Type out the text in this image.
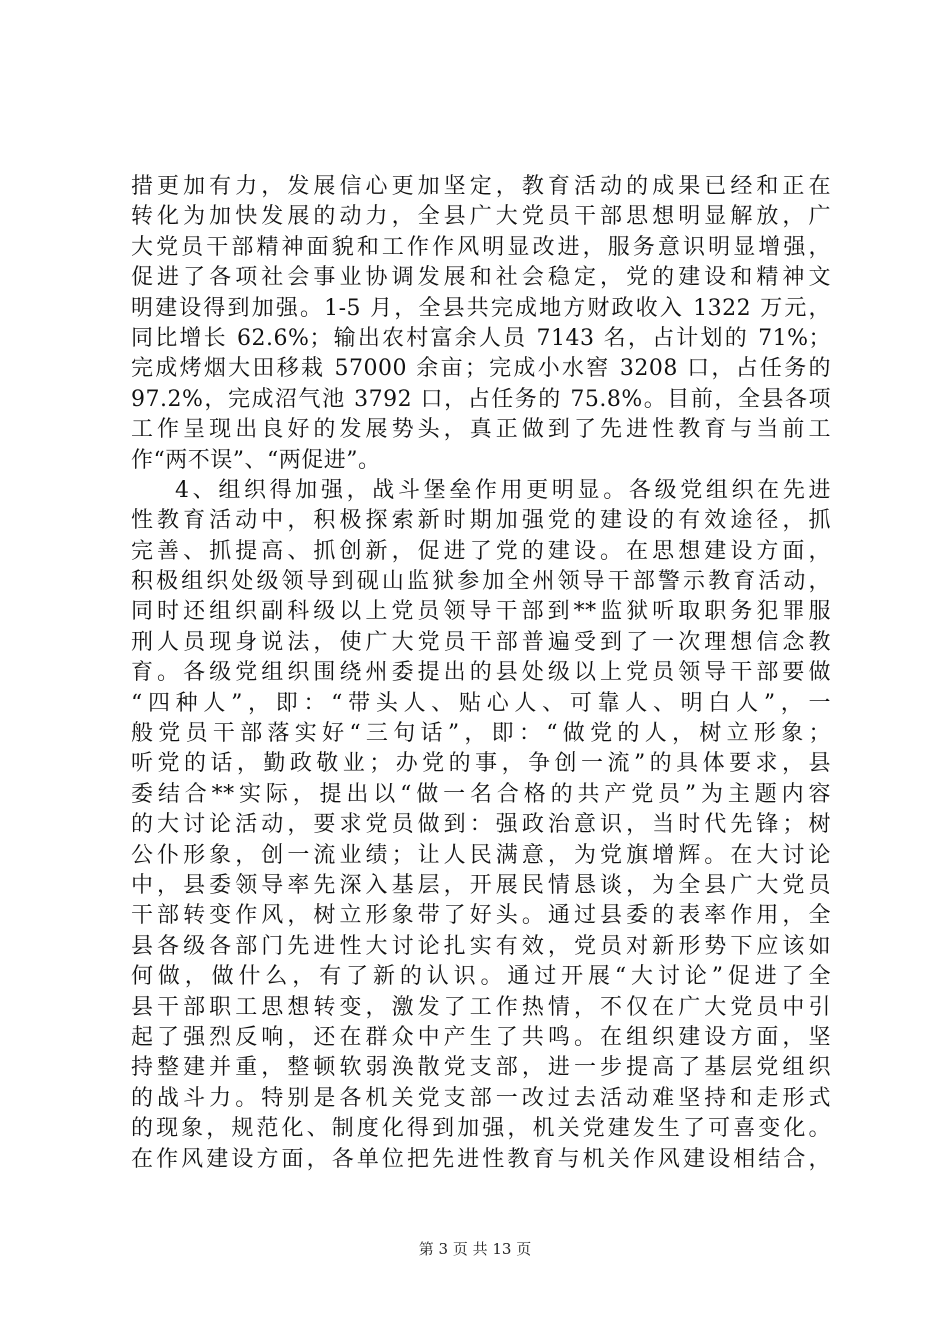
措更加有力，发展信心更加坚定，教育活动的成果已经和正在
转化为加快发展的动力，全县广大党员干部思想明显解放，广
大党员干部精神面貌和工作作风明显改进，服务意识明显增强，
促进了各项社会事业协调发展和社会稳定，党的建设和精神文
明建设得到加强。1-5 月，全县共完成地方财政收入 1322 万元，
同比增长 62.6%；输出农村富余人员 7143 名，占计划的 71%；
完成烤烟大田移栽 57000 余亩；完成小水窖 3208 口，占任务的
97.2%，完成沼气池 3792 口，占任务的 75.8%。目前，全县各项
工作呈现出良好的发展势头，真正做到了先进性教育与当前工
作“两不误”、“两促进”。
4、组织得加强，战斗堡垒作用更明显。各级党组织在先进
性教育活动中，积极探索新时期加强党的建设的有效途径，抓
完善、抓提高、抓创新，促进了党的建设。在思想建设方面，
积极组织处级领导到砚山监狱参加全州领导干部警示教育活动，
同时还组织副科级以上党员领导干部到**监狱听取职务犯罪服
刑人员现身说法，使广大党员干部普遍受到了一次理想信念教
育。各级党组织围绕州委提出的县处级以上党员领导干部要做
“四种人”，即：“带头人、贴心人、可靠人、明白人”，一
般党员干部落实好“三句话”，即：“做党的人，树立形象；
听党的话，勤政敬业；办党的事，争创一流”的具体要求，县
委结合**实际，提出以“做一名合格的共产党员”为主题内容
的大讨论活动，要求党员做到：强政治意识，当时代先锋；树
公仆形象，创一流业绩；让人民满意，为党旗增辉。在大讨论
中，县委领导率先深入基层，开展民情恳谈，为全县广大党员
干部转变作风，树立形象带了好头。通过县委的表率作用，全
县各级各部门先进性大讨论扎实有效，党员对新形势下应该如
何做，做什么，有了新的认识。通过开展“大讨论”促进了全
县干部职工思想转变，激发了工作热情，不仅在广大党员中引
起了强烈反响，还在群众中产生了共鸣。在组织建设方面，坚
持整建并重，整顿软弱涣散党支部，进一步提高了基层党组织
的战斗力。特别是各机关党支部一改过去活动难坚持和走形式
的现象，规范化、制度化得到加强，机关党建发生了可喜变化。
在作风建设方面，各单位把先进性教育与机关作风建设相结合，
第 3 页 共 13 页
